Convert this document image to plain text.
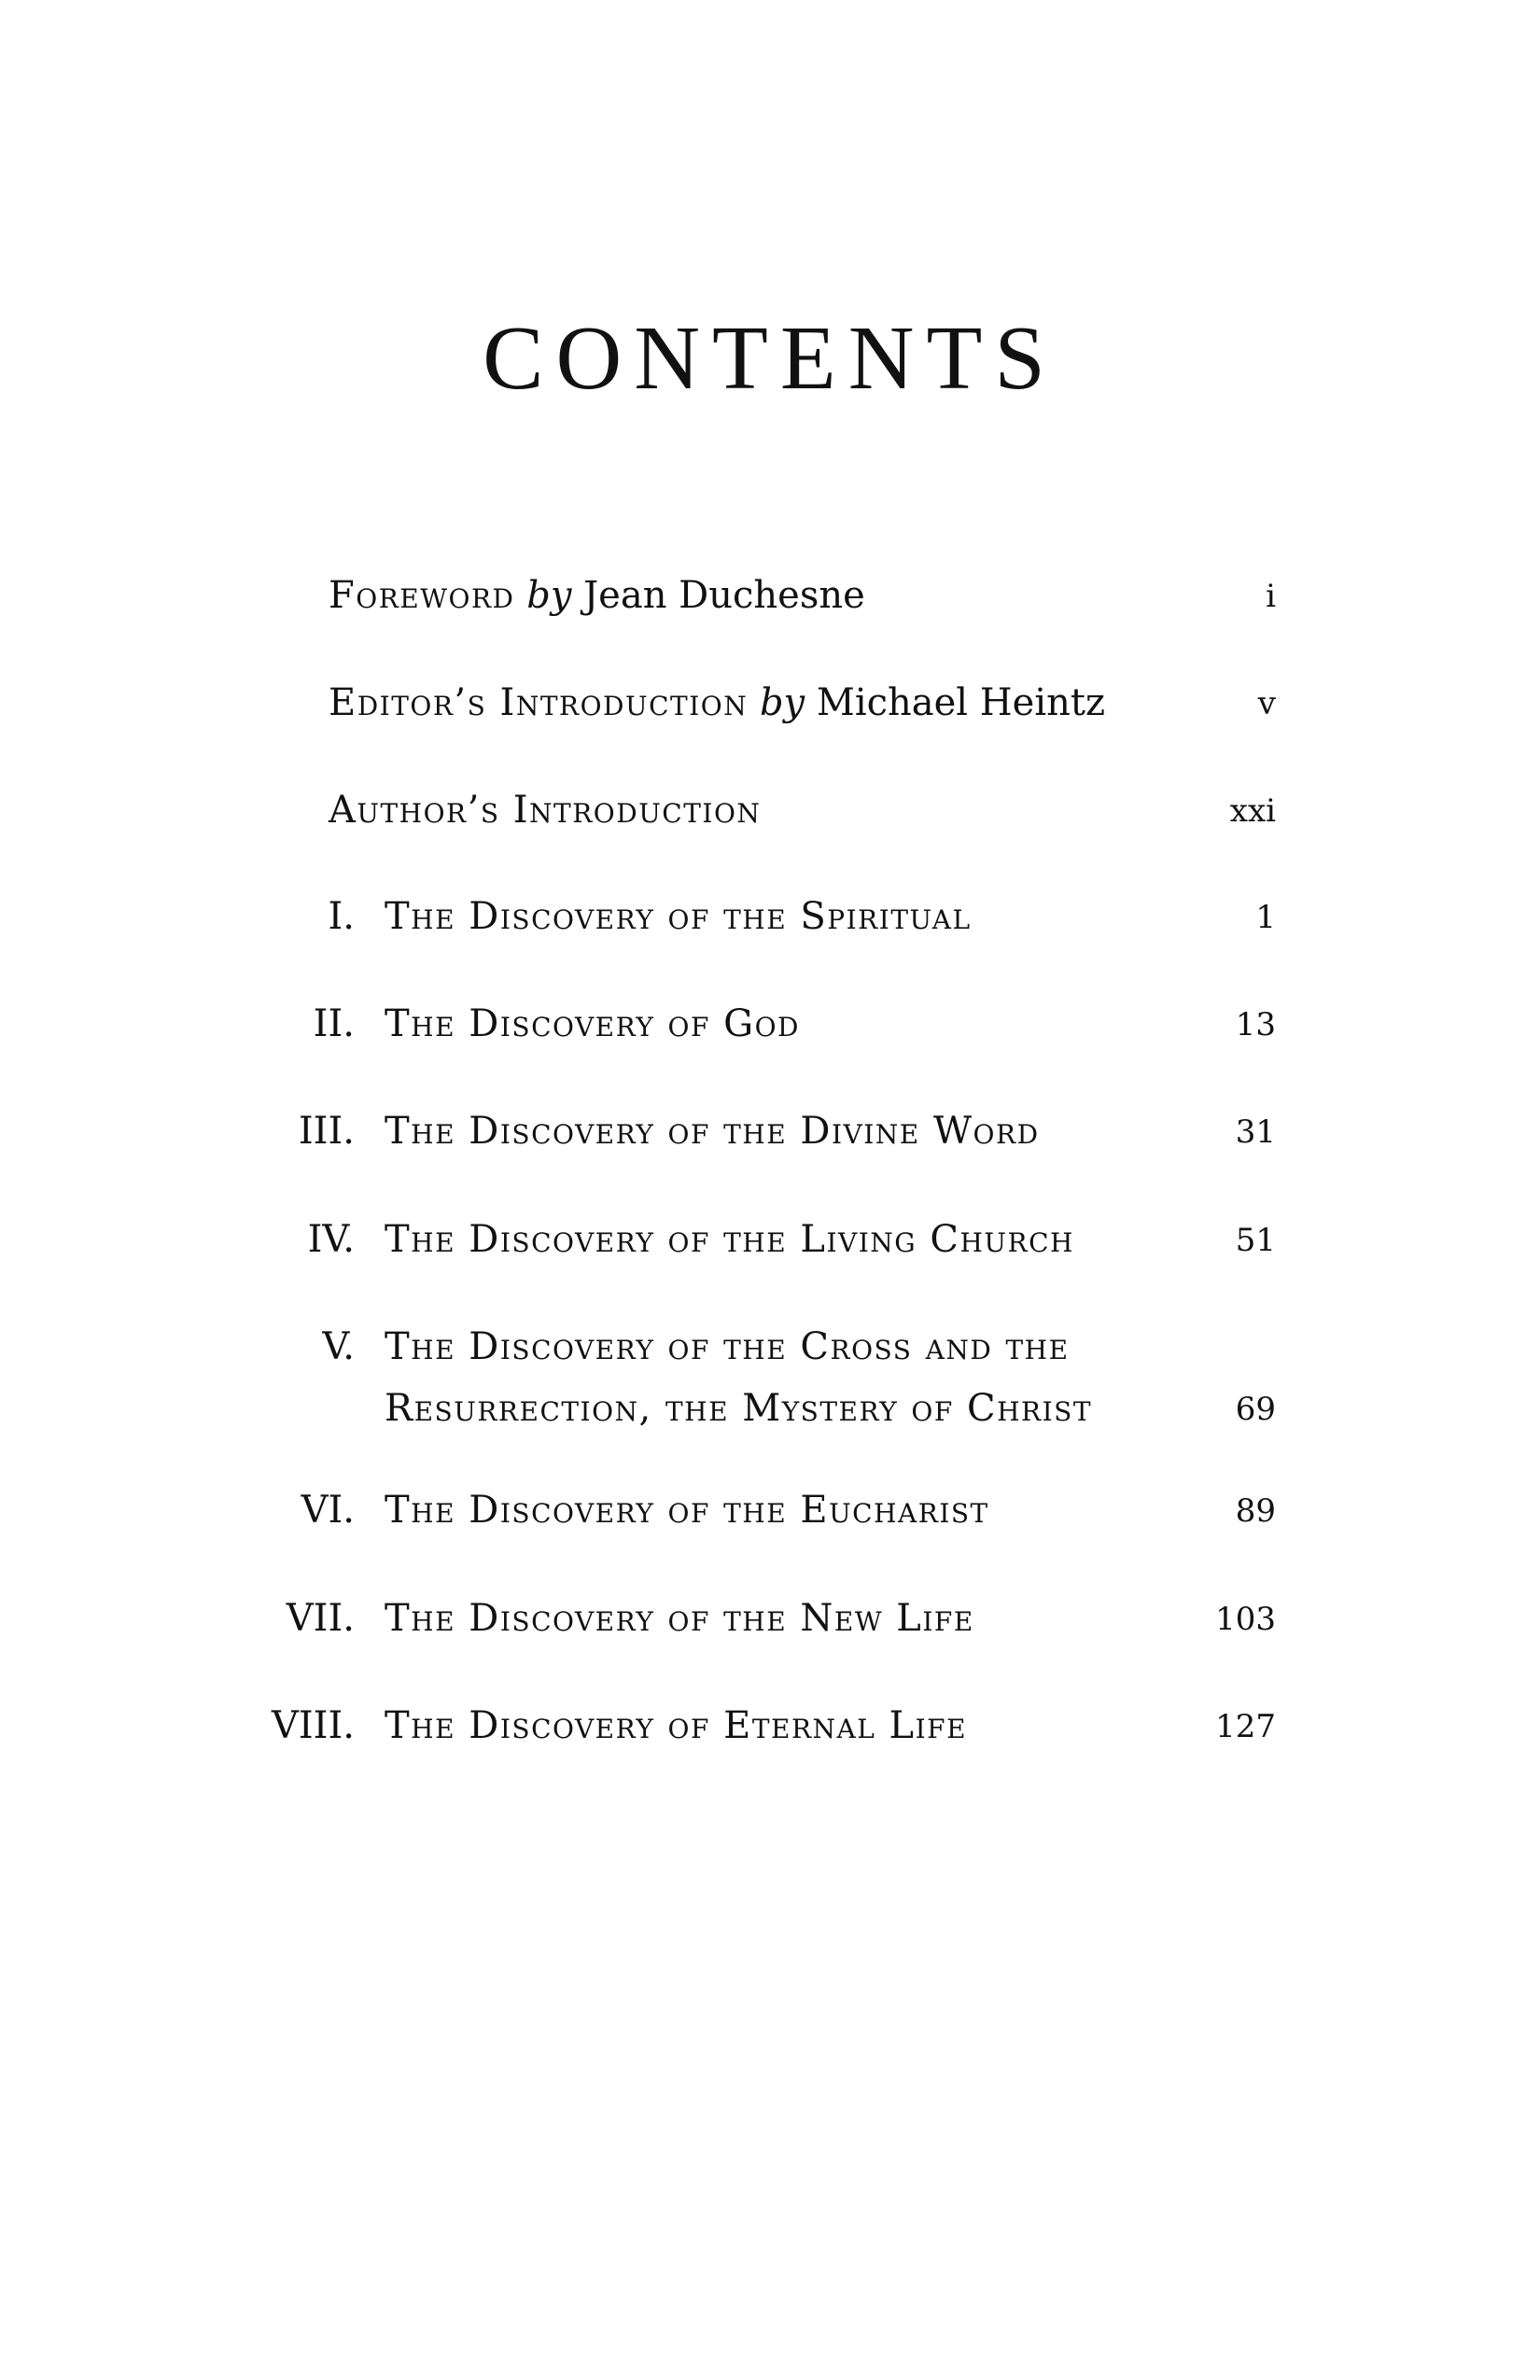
CONTENTS
Foreword by Jean Duchesne	i
Editor’s Introduction by Michael Heintz	v
Author’s Introduction	xxi
I. The Discovery of the Spiritual	1
II. The Discovery of God	13
III. The Discovery of the Divine Word	31
IV. The Discovery of the Living Church	51
V. The Discovery of the Cross and the
Resurrection, the Mystery of Christ	69
VI. The Discovery of the Eucharist	89
VII. The Discovery of the New Life	103
VIII. The Discovery of Eternal Life	127
